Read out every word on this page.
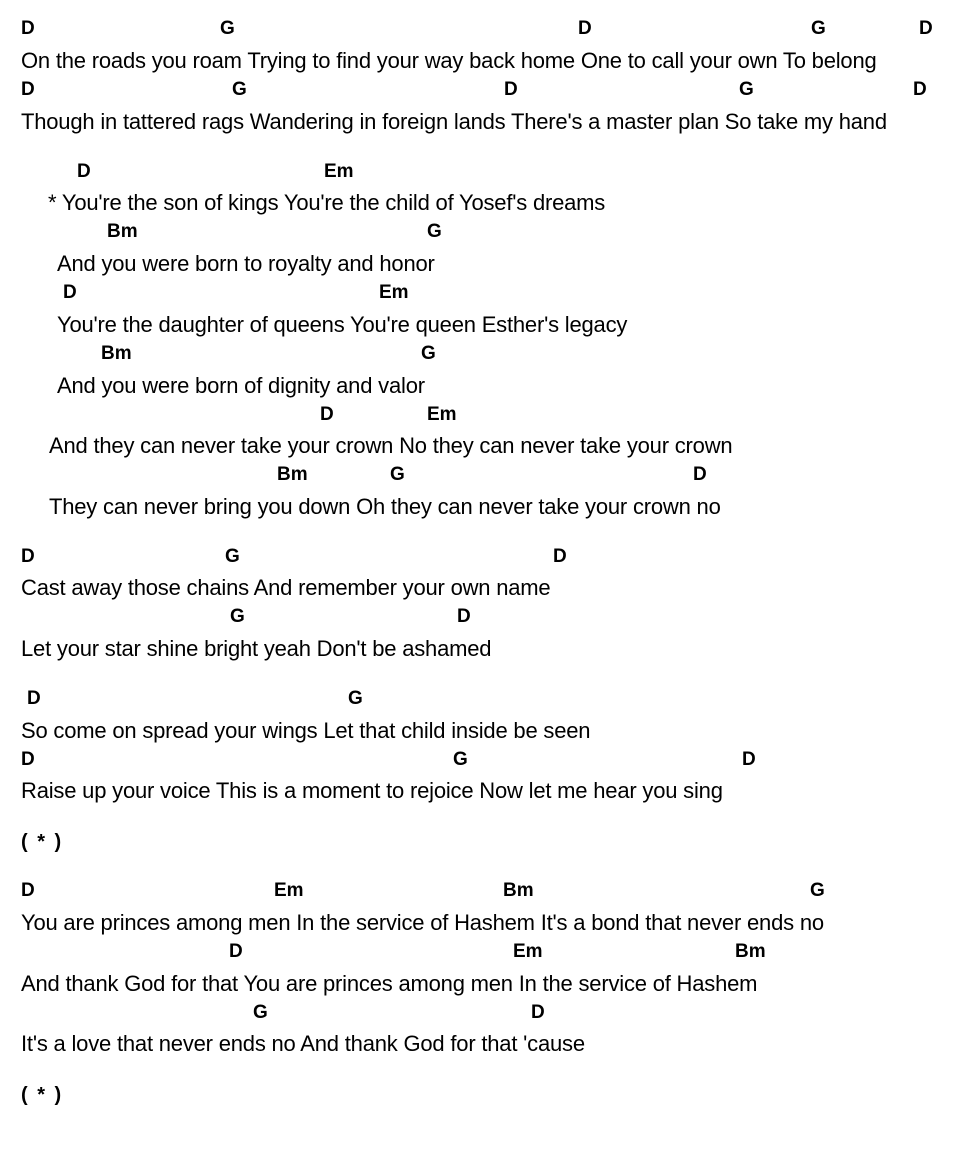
D	G	D	G	D
On the roads you roam Trying to find your way back home One to call your own To belong
D	G	D	G	D
Though in tattered rags Wandering in foreign lands There's a master plan So take my hand
D	Em
* You're the son of kings You're the child of Yosef's dreams
Bm	G
And you were born to royalty and honor
D	Em
You're the daughter of queens You're queen Esther's legacy
Bm	G
And you were born of dignity and valor
D	Em
And they can never take your crown No they can never take your crown
Bm	G	D
They can never bring you down Oh they can never take your crown no
D	G	D
Cast away those chains And remember your own name
G	D
Let your star shine bright yeah Don't be ashamed
D	G
So come on spread your wings Let that child inside be seen
D	G	D
Raise up your voice This is a moment to rejoice Now let me hear you sing
( * )
D	Em	Bm	G
You are princes among men In the service of Hashem It's a bond that never ends no
D	Em	Bm
And thank God for that You are princes among men In the service of Hashem
G	D
It's a love that never ends no And thank God for that 'cause
( * )
